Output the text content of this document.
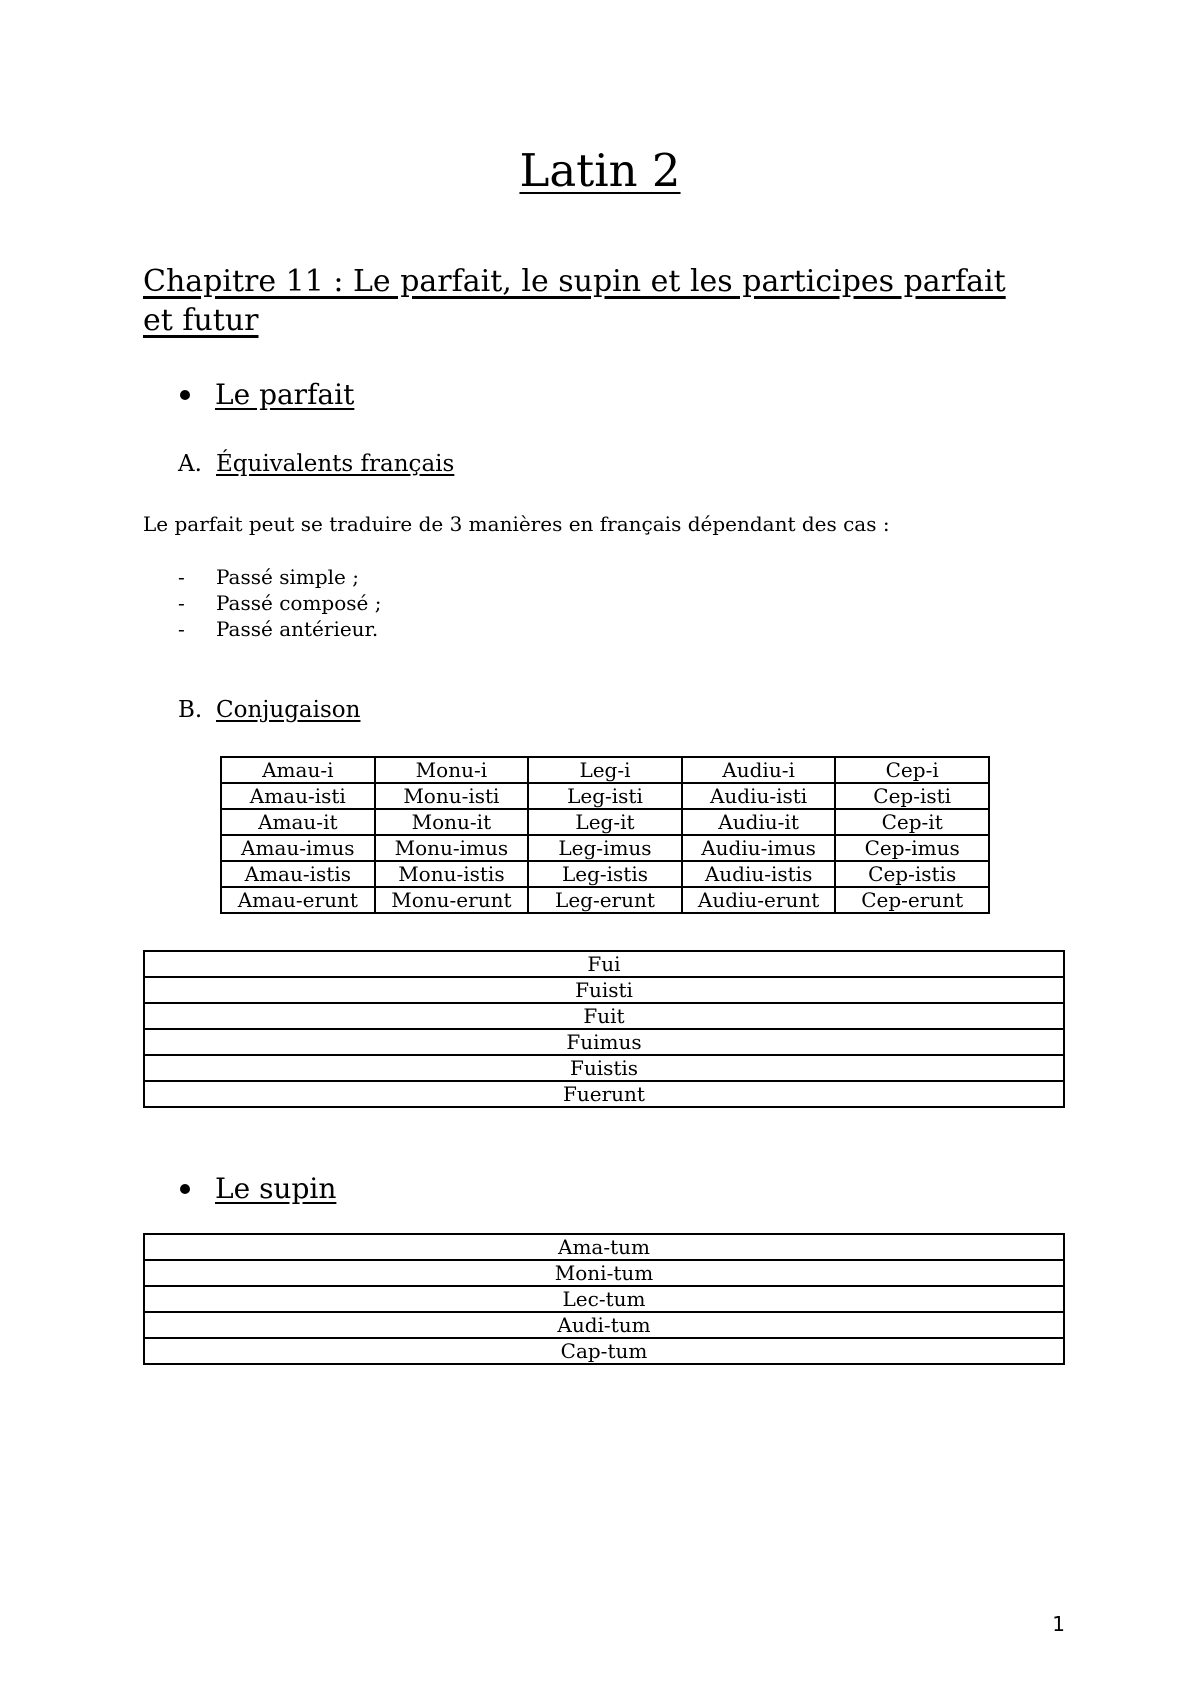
Latin 2
Chapitre 11 : Le parfait, le supin et les participes parfait et futur
Le parfait
A. Équivalents français

Le parfait peut se traduire de 3 manières en français dépendant des cas :

-	Passé simple ;
-	Passé composé ;
-	Passé antérieur.
B. Conjugaison
Amau-i	Monu-i	Leg-i	Audiu-i	Cep-i
Amau-isti	Monu-isti	Leg-isti	Audiu-isti	Cep-isti
Amau-it	Monu-it	Leg-it	Audiu-it	Cep-it
Amau-imus	Monu-imus	Leg-imus	Audiu-imus	Cep-imus
Amau-istis	Monu-istis	Leg-istis	Audiu-istis	Cep-istis
Amau-erunt	Monu-erunt	Leg-erunt	Audiu-erunt	Cep-erunt
Fui
Fuisti
Fuit
Fuimus
Fuistis
Fuerunt
Le supin
Ama-tum
Moni-tum
Lec-tum
Audi-tum
Cap-tum
1
